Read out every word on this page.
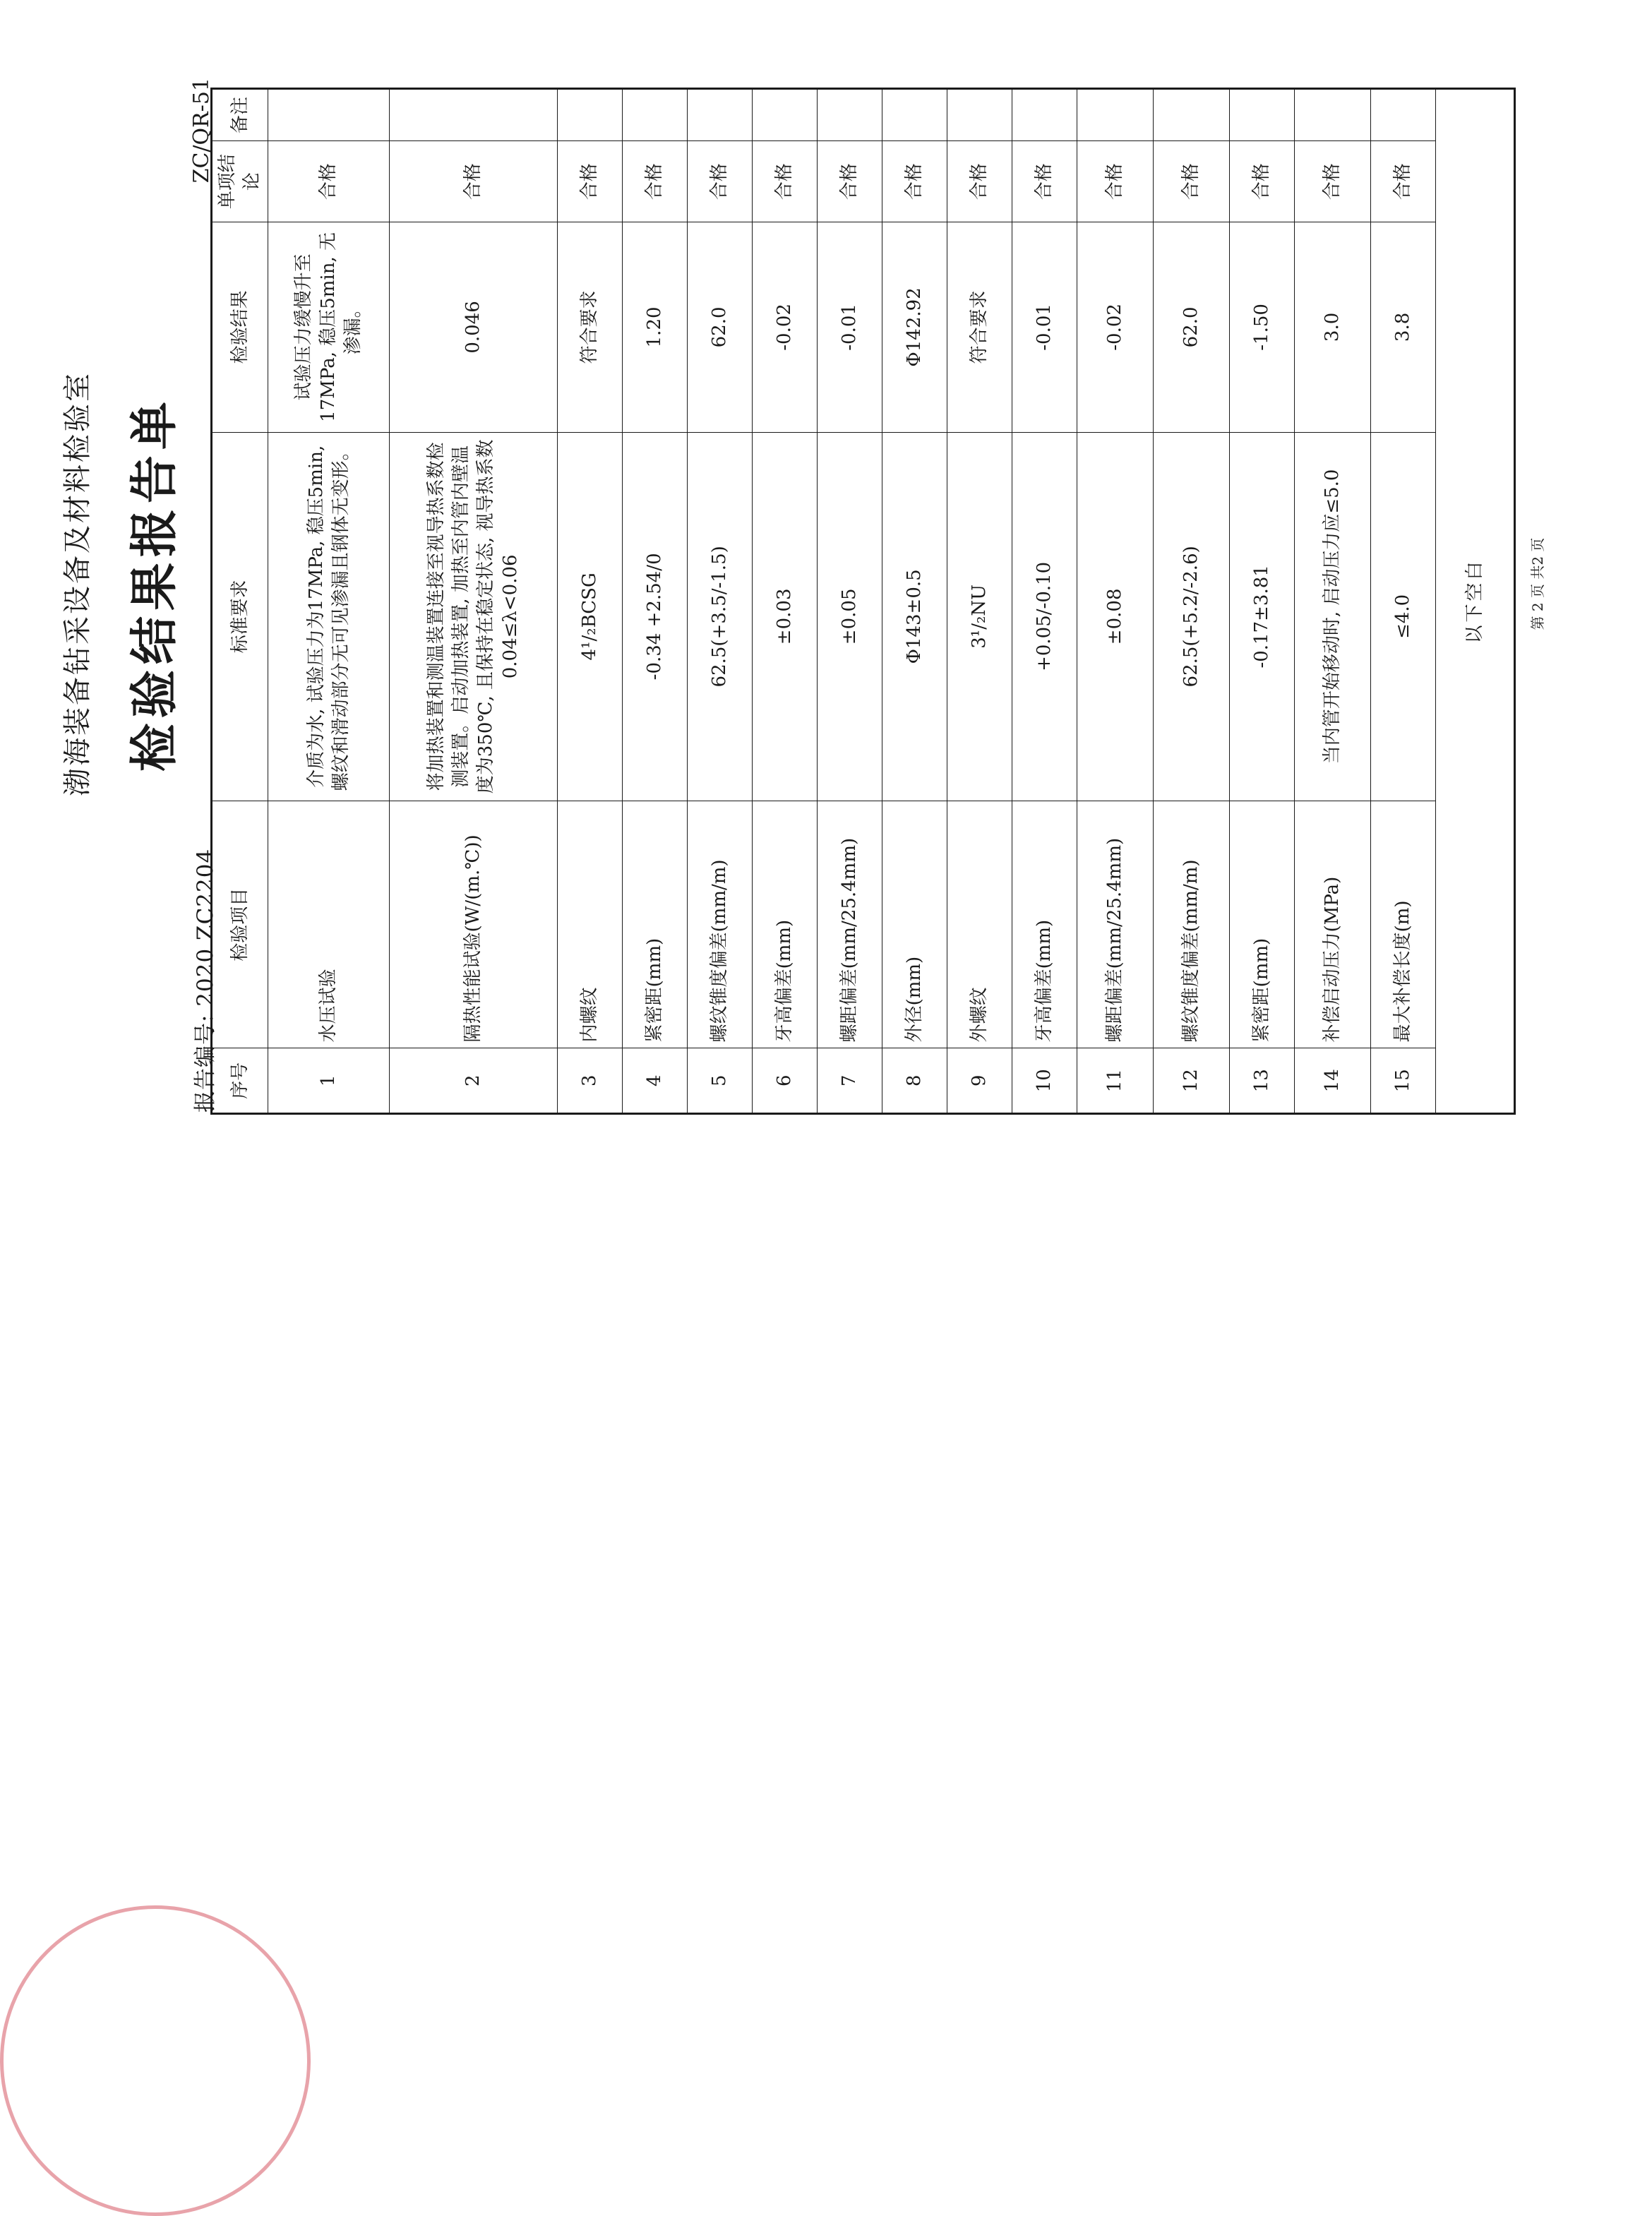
渤海装备钻采设备及材料检验室 检验结果报告单
报告编号: 2020 ZC2204
ZC/QR-51
序号	检验项目	标准要求	检验结果	单项结论	备注
1	水压试验	介质为水, 试验压力为17MPa, 稳压5min, 螺纹和滑动部分无可见渗漏且钢体无变形。	试验压力缓慢升至17MPa, 稳压5min, 无渗漏。	合格	
2	隔热性能试验(W/(m.℃))	将加热装置和测温装置连接至视导热系数检测装置。启动加热装置, 加热至内管内壁温度为350℃, 且保持在稳定状态, 视导热系数0.04≤λ<0.06	0.046	合格	
3	内螺纹	4¹/₂BCSG	符合要求	合格	
4	紧密距(mm)	-0.34 +2.54/0	1.20	合格	
5	螺纹锥度偏差(mm/m)	62.5(+3.5/-1.5)	62.0	合格	
6	牙高偏差(mm)	±0.03	-0.02	合格	
7	螺距偏差(mm/25.4mm)	±0.05	-0.01	合格	
8	外径(mm)	Φ143±0.5	Φ142.92	合格	
9	外螺纹	3¹/₂NU	符合要求	合格	
10	牙高偏差(mm)	+0.05/-0.10	-0.01	合格	
11	螺距偏差(mm/25.4mm)	±0.08	-0.02	合格	
12	螺纹锥度偏差(mm/m)	62.5(+5.2/-2.6)	62.0	合格	
13	紧密距(mm)	-0.17±3.81	-1.50	合格	
14	补偿启动压力(MPa)	当内管开始移动时, 启动压力应≤5.0	3.0	合格	
15	最大补偿长度(m)	≤4.0	3.8	合格	
以下空白						第 2 页 共2 页
